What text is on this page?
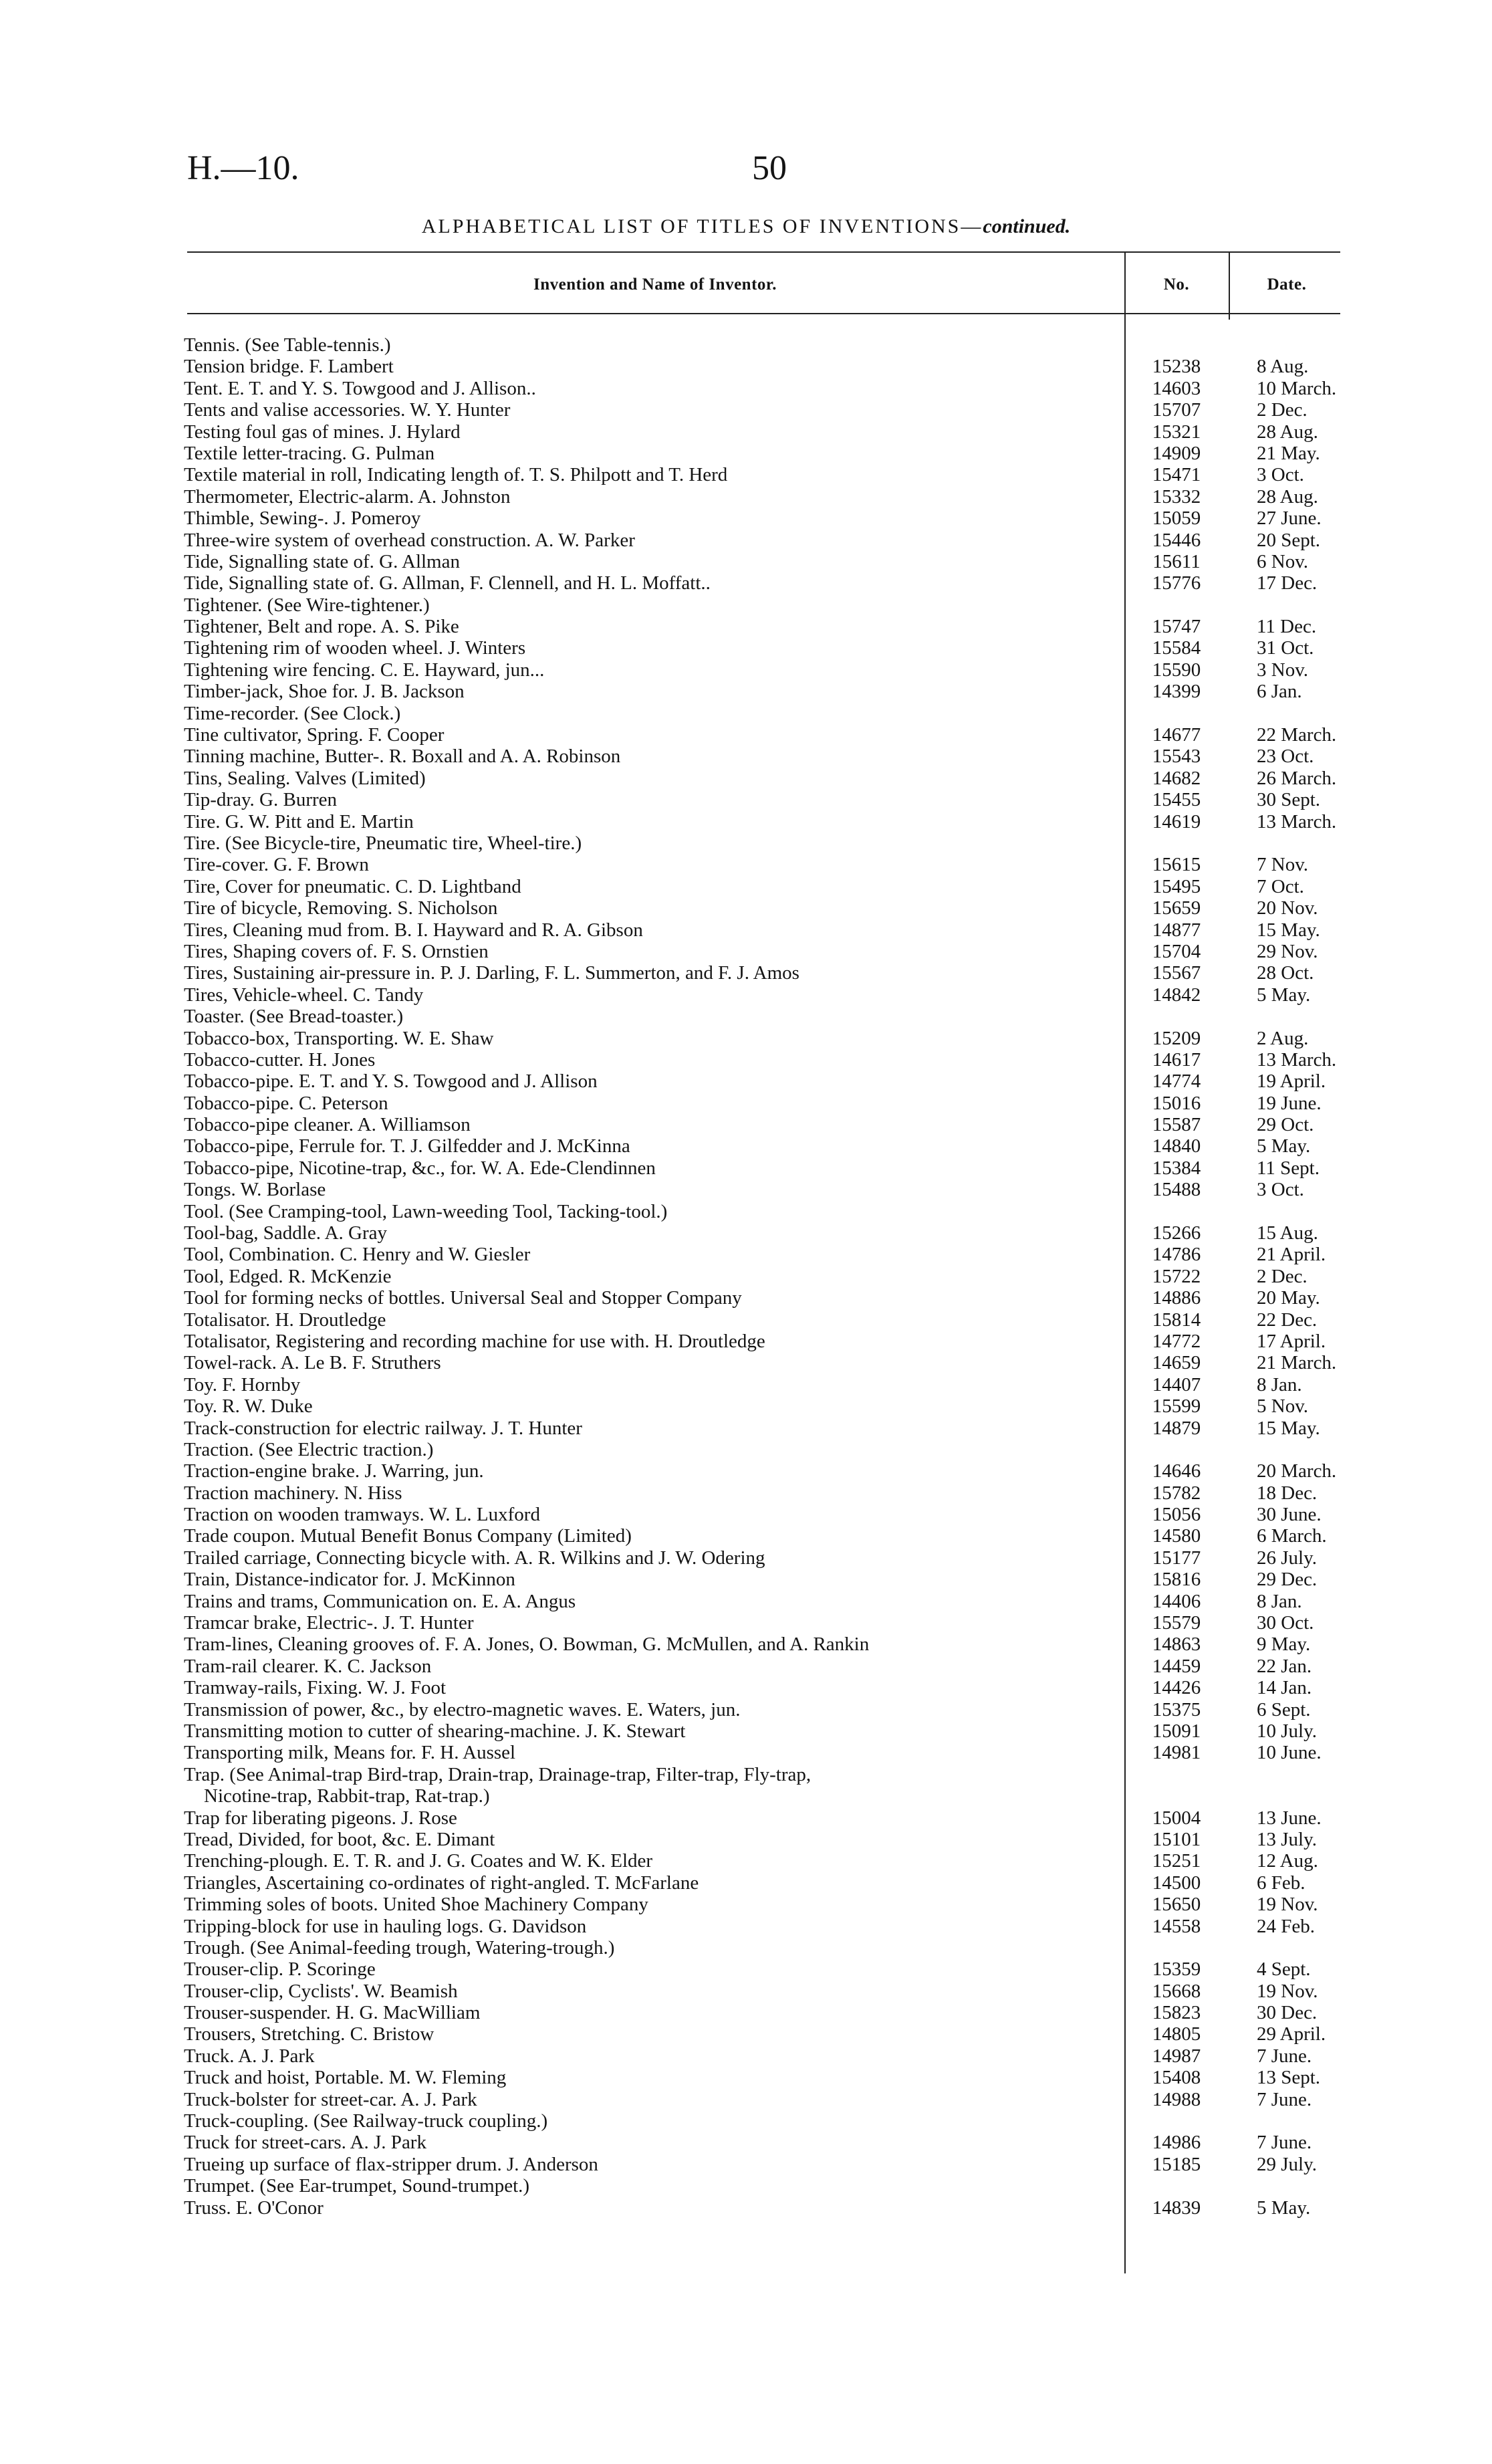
H.—10.	50
ALPHABETICAL LIST OF TITLES OF INVENTIONS—continued.
Invention and Name of Inventor.	No.	Date.
Tennis. (See Table-tennis.)
Tension bridge. F. Lambert ..	15238	8 Aug.
Tent. E. T. and Y. S. Towgood and J. Allison.. ..	14603	10 March.
Tents and valise accessories. W. Y. Hunter ..	15707	2 Dec.
Testing foul gas of mines. J. Hylard ..	15321	28 Aug.
Textile letter-tracing. G. Pulman ..	14909	21 May.
Textile material in roll, Indicating length of. T. S. Philpott and T. Herd ..	15471	3 Oct.
Thermometer, Electric-alarm. A. Johnston ..	15332	28 Aug.
Thimble, Sewing-. J. Pomeroy ..	15059	27 June.
Three-wire system of overhead construction. A. W. Parker ..	15446	20 Sept.
Tide, Signalling state of. G. Allman ..	15611	6 Nov.
Tide, Signalling state of. G. Allman, F. Clennell, and H. L. Moffatt.. ..	15776	17 Dec.
Tightener. (See Wire-tightener.)
Tightener, Belt and rope. A. S. Pike ..	15747	11 Dec.
Tightening rim of wooden wheel. J. Winters ..	15584	31 Oct.
Tightening wire fencing. C. E. Hayward, jun... ..	15590	3 Nov.
Timber-jack, Shoe for. J. B. Jackson ..	14399	6 Jan.
Time-recorder. (See Clock.)
Tine cultivator, Spring. F. Cooper ..	14677	22 March.
Tinning machine, Butter-. R. Boxall and A. A. Robinson ..	15543	23 Oct.
Tins, Sealing. Valves (Limited) ..	14682	26 March.
Tip-dray. G. Burren ..	15455	30 Sept.
Tire. G. W. Pitt and E. Martin ..	14619	13 March.
Tire. (See Bicycle-tire, Pneumatic tire, Wheel-tire.)
Tire-cover. G. F. Brown ..	15615	7 Nov.
Tire, Cover for pneumatic. C. D. Lightband ..	15495	7 Oct.
Tire of bicycle, Removing. S. Nicholson ..	15659	20 Nov.
Tires, Cleaning mud from. B. I. Hayward and R. A. Gibson ..	14877	15 May.
Tires, Shaping covers of. F. S. Ornstien ..	15704	29 Nov.
Tires, Sustaining air-pressure in. P. J. Darling, F. L. Summerton, and F. J. Amos ..	15567	28 Oct.
Tires, Vehicle-wheel. C. Tandy ..	14842	5 May.
Toaster. (See Bread-toaster.)
Tobacco-box, Transporting. W. E. Shaw ..	15209	2 Aug.
Tobacco-cutter. H. Jones ..	14617	13 March.
Tobacco-pipe. E. T. and Y. S. Towgood and J. Allison ..	14774	19 April.
Tobacco-pipe. C. Peterson ..	15016	19 June.
Tobacco-pipe cleaner. A. Williamson ..	15587	29 Oct.
Tobacco-pipe, Ferrule for. T. J. Gilfedder and J. McKinna ..	14840	5 May.
Tobacco-pipe, Nicotine-trap, &c., for. W. A. Ede-Clendinnen ..	15384	11 Sept.
Tongs. W. Borlase ..	15488	3 Oct.
Tool. (See Cramping-tool, Lawn-weeding Tool, Tacking-tool.)
Tool-bag, Saddle. A. Gray ..	15266	15 Aug.
Tool, Combination. C. Henry and W. Giesler ..	14786	21 April.
Tool, Edged. R. McKenzie ..	15722	2 Dec.
Tool for forming necks of bottles. Universal Seal and Stopper Company ..	14886	20 May.
Totalisator. H. Droutledge ..	15814	22 Dec.
Totalisator, Registering and recording machine for use with. H. Droutledge ..	14772	17 April.
Towel-rack. A. Le B. F. Struthers ..	14659	21 March.
Toy. F. Hornby ..	14407	8 Jan.
Toy. R. W. Duke ..	15599	5 Nov.
Track-construction for electric railway. J. T. Hunter ..	14879	15 May.
Traction. (See Electric traction.)
Traction-engine brake. J. Warring, jun. ..	14646	20 March.
Traction machinery. N. Hiss ..	15782	18 Dec.
Traction on wooden tramways. W. L. Luxford ..	15056	30 June.
Trade coupon. Mutual Benefit Bonus Company (Limited) ..	14580	6 March.
Trailed carriage, Connecting bicycle with. A. R. Wilkins and J. W. Odering ..	15177	26 July.
Train, Distance-indicator for. J. McKinnon ..	15816	29 Dec.
Trains and trams, Communication on. E. A. Angus ..	14406	8 Jan.
Tramcar brake, Electric-. J. T. Hunter ..	15579	30 Oct.
Tram-lines, Cleaning grooves of. F. A. Jones, O. Bowman, G. McMullen, and A. Rankin ..	14863	9 May.
Tram-rail clearer. K. C. Jackson ..	14459	22 Jan.
Tramway-rails, Fixing. W. J. Foot ..	14426	14 Jan.
Transmission of power, &c., by electro-magnetic waves. E. Waters, jun. ..	15375	6 Sept.
Transmitting motion to cutter of shearing-machine. J. K. Stewart ..	15091	10 July.
Transporting milk, Means for. F. H. Aussel ..	14981	10 June.
Trap. (See Animal-trap Bird-trap, Drain-trap, Drainage-trap, Filter-trap, Fly-trap,
Nicotine-trap, Rabbit-trap, Rat-trap.)
Trap for liberating pigeons. J. Rose ..	15004	13 June.
Tread, Divided, for boot, &c. E. Dimant ..	15101	13 July.
Trenching-plough. E. T. R. and J. G. Coates and W. K. Elder ..	15251	12 Aug.
Triangles, Ascertaining co-ordinates of right-angled. T. McFarlane ..	14500	6 Feb.
Trimming soles of boots. United Shoe Machinery Company ..	15650	19 Nov.
Tripping-block for use in hauling logs. G. Davidson ..	14558	24 Feb.
Trough. (See Animal-feeding trough, Watering-trough.)
Trouser-clip. P. Scoringe ..	15359	4 Sept.
Trouser-clip, Cyclists'. W. Beamish ..	15668	19 Nov.
Trouser-suspender. H. G. MacWilliam ..	15823	30 Dec.
Trousers, Stretching. C. Bristow ..	14805	29 April.
Truck. A. J. Park ..	14987	7 June.
Truck and hoist, Portable. M. W. Fleming ..	15408	13 Sept.
Truck-bolster for street-car. A. J. Park ..	14988	7 June.
Truck-coupling. (See Railway-truck coupling.)
Truck for street-cars. A. J. Park ..	14986	7 June.
Trueing up surface of flax-stripper drum. J. Anderson ..	15185	29 July.
Trumpet. (See Ear-trumpet, Sound-trumpet.)
Truss. E. O'Conor ..	14839	5 May.
